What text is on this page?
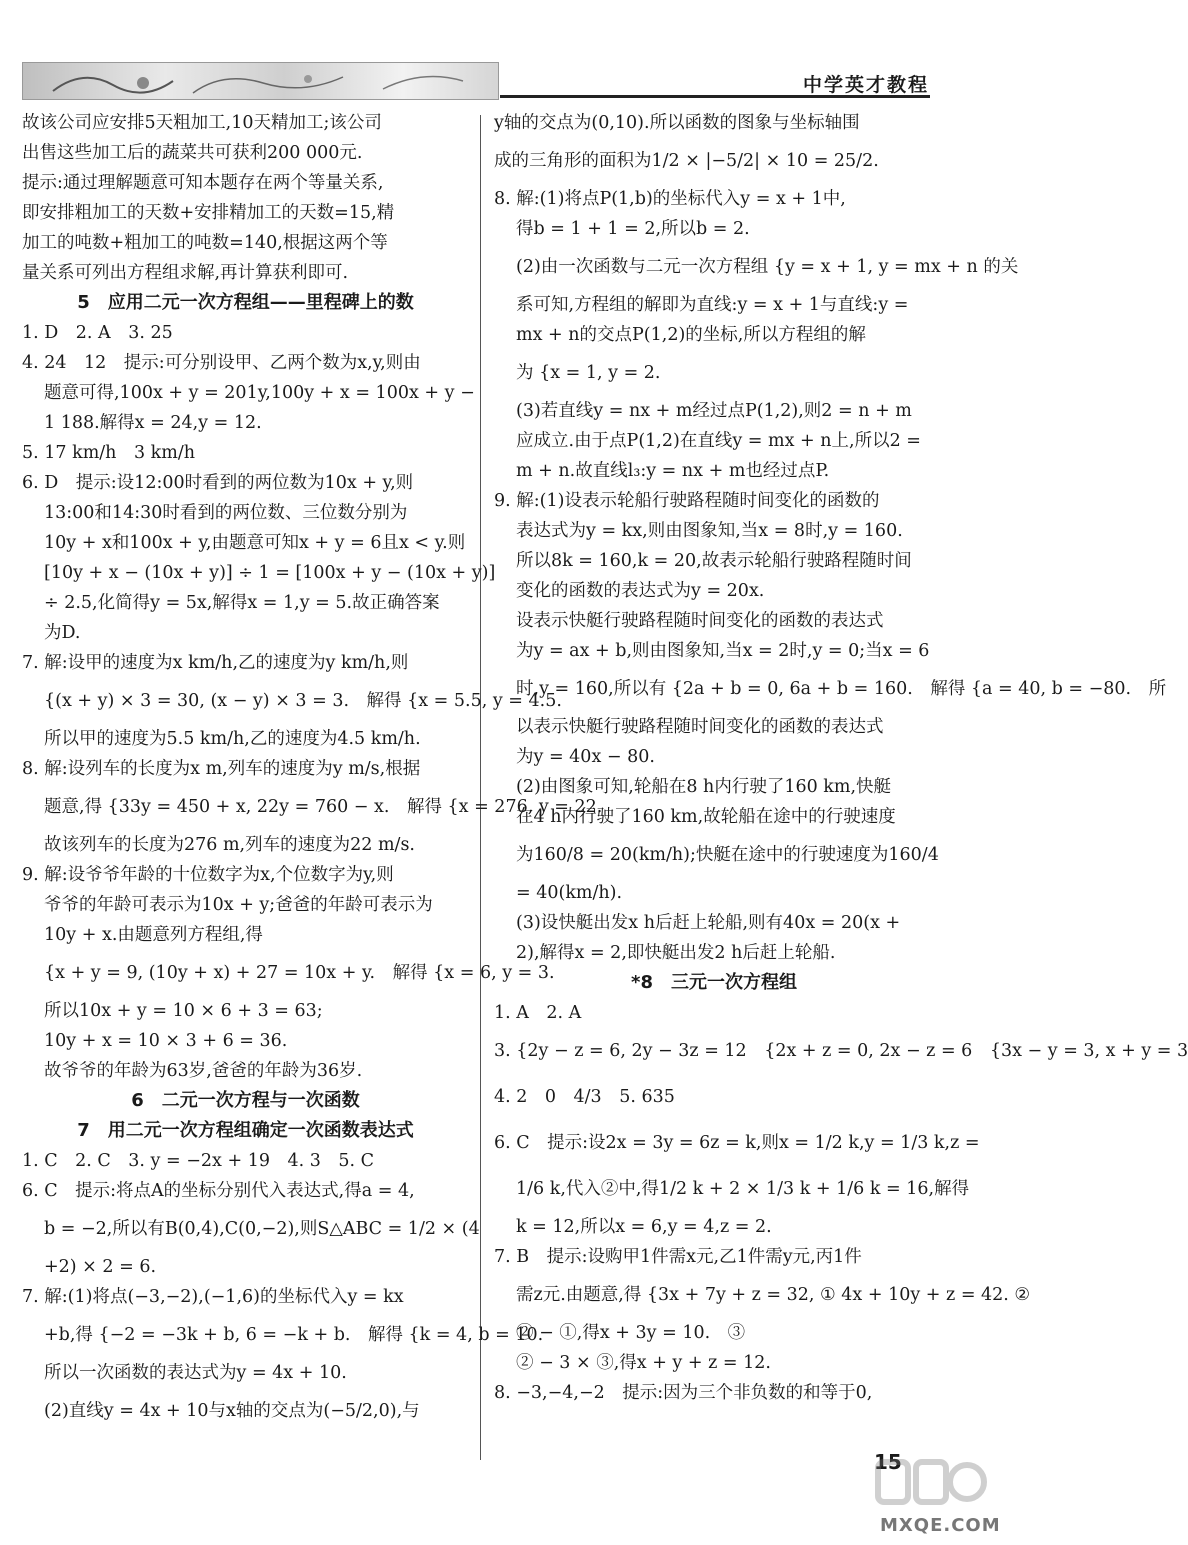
中学英才教程
故该公司应安排5天粗加工,10天精加工;该公司
出售这些加工后的蔬菜共可获利200 000元.
提示:通过理解题意可知本题存在两个等量关系,
即安排粗加工的天数+安排精加工的天数=15,精
加工的吨数+粗加工的吨数=140,根据这两个等
量关系可列出方程组求解,再计算获利即可.
5　应用二元一次方程组——里程碑上的数
1. D　2. A　3. 25
4. 24　12　提示:可分别设甲、乙两个数为x,y,则由
题意可得,100x + y = 201y,100y + x = 100x + y −
1 188.解得x = 24,y = 12.
5. 17 km/h　3 km/h
6. D　提示:设12:00时看到的两位数为10x + y,则
13:00和14:30时看到的两位数、三位数分别为
10y + x和100x + y,由题意可知x + y = 6且x < y.则
[10y + x − (10x + y)] ÷ 1 = [100x + y − (10x + y)]
÷ 2.5,化简得y = 5x,解得x = 1,y = 5.故正确答案
为D.
7. 解:设甲的速度为x km/h,乙的速度为y km/h,则
{(x + y) × 3 = 30, (x − y) × 3 = 3.　解得 {x = 5.5, y = 4.5.
所以甲的速度为5.5 km/h,乙的速度为4.5 km/h.
8. 解:设列车的长度为x m,列车的速度为y m/s,根据
题意,得 {33y = 450 + x, 22y = 760 − x.　解得 {x = 276, y = 22.
故该列车的长度为276 m,列车的速度为22 m/s.
9. 解:设爷爷年龄的十位数字为x,个位数字为y,则
爷爷的年龄可表示为10x + y;爸爸的年龄可表示为
10y + x.由题意列方程组,得
{x + y = 9, (10y + x) + 27 = 10x + y.　解得 {x = 6, y = 3.
所以10x + y = 10 × 6 + 3 = 63;
10y + x = 10 × 3 + 6 = 36.
故爷爷的年龄为63岁,爸爸的年龄为36岁.
6　二元一次方程与一次函数
7　用二元一次方程组确定一次函数表达式
1. C　2. C　3. y = −2x + 19　4. 3　5. C
6. C　提示:将点A的坐标分别代入表达式,得a = 4,
b = −2,所以有B(0,4),C(0,−2),则S△ABC = 1/2 × (4
+2) × 2 = 6.
7. 解:(1)将点(−3,−2),(−1,6)的坐标代入y = kx
+b,得 {−2 = −3k + b, 6 = −k + b.　解得 {k = 4, b = 10.
所以一次函数的表达式为y = 4x + 10.
(2)直线y = 4x + 10与x轴的交点为(−5/2,0),与
y轴的交点为(0,10).所以函数的图象与坐标轴围
成的三角形的面积为1/2 × |−5/2| × 10 = 25/2.
8. 解:(1)将点P(1,b)的坐标代入y = x + 1中,
得b = 1 + 1 = 2,所以b = 2.
(2)由一次函数与二元一次方程组 {y = x + 1, y = mx + n 的关
系可知,方程组的解即为直线:y = x + 1与直线:y =
mx + n的交点P(1,2)的坐标,所以方程组的解
为 {x = 1, y = 2.
(3)若直线y = nx + m经过点P(1,2),则2 = n + m
应成立.由于点P(1,2)在直线y = mx + n上,所以2 =
m + n.故直线l₃:y = nx + m也经过点P.
9. 解:(1)设表示轮船行驶路程随时间变化的函数的
表达式为y = kx,则由图象知,当x = 8时,y = 160.
所以8k = 160,k = 20,故表示轮船行驶路程随时间
变化的函数的表达式为y = 20x.
设表示快艇行驶路程随时间变化的函数的表达式
为y = ax + b,则由图象知,当x = 2时,y = 0;当x = 6
时,y = 160,所以有 {2a + b = 0, 6a + b = 160.　解得 {a = 40, b = −80.　所
以表示快艇行驶路程随时间变化的函数的表达式
为y = 40x − 80.
(2)由图象可知,轮船在8 h内行驶了160 km,快艇
在4 h内行驶了160 km,故轮船在途中的行驶速度
为160/8 = 20(km/h);快艇在途中的行驶速度为160/4
= 40(km/h).
(3)设快艇出发x h后赶上轮船,则有40x = 20(x +
2),解得x = 2,即快艇出发2 h后赶上轮船.
*8　三元一次方程组
1. A　2. A
3. {2y − z = 6, 2y − 3z = 12　{2x + z = 0, 2x − z = 6　{3x − y = 3, x + y = 3
4. 2　0　4/3　5. 635
6. C　提示:设2x = 3y = 6z = k,则x = 1/2 k,y = 1/3 k,z =
1/6 k,代入②中,得1/2 k + 2 × 1/3 k + 1/6 k = 16,解得
k = 12,所以x = 6,y = 4,z = 2.
7. B　提示:设购甲1件需x元,乙1件需y元,丙1件
需z元.由题意,得 {3x + 7y + z = 32, ① 4x + 10y + z = 42. ②
② − ①,得x + 3y = 10.　③
② − 3 × ③,得x + y + z = 12.
8. −3,−4,−2　提示:因为三个非负数的和等于0,
15
MXQE.COM
